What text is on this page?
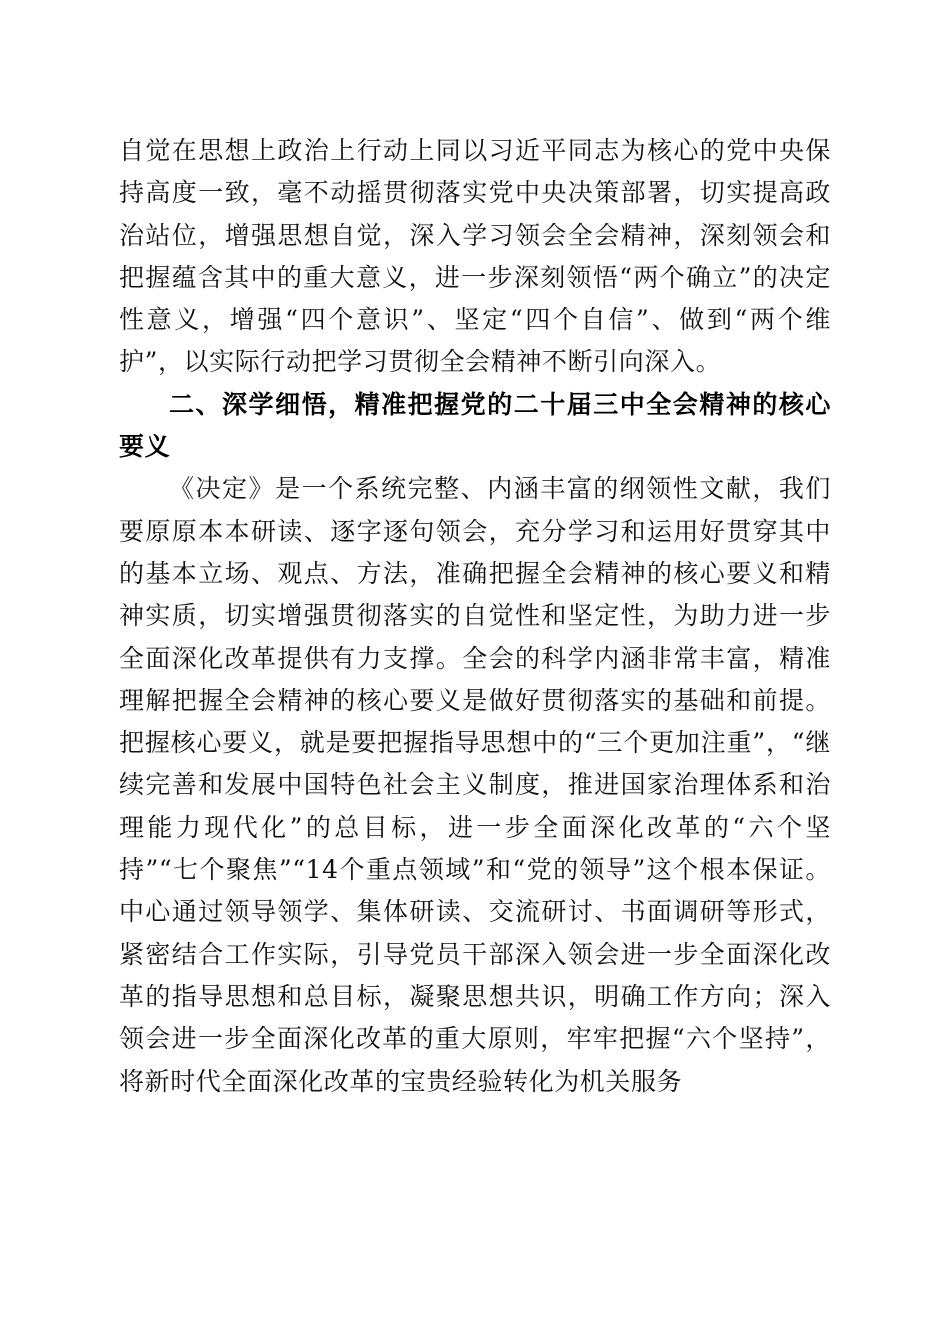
自觉在思想上政治上行动上同以习近平同志为核心的党中央保持高度一致，毫不动摇贯彻落实党中央决策部署，切实提高政治站位，增强思想自觉，深入学习领会全会精神，深刻领会和把握蕴含其中的重大意义，进一步深刻领悟“两个确立”的决定性意义，增强“四个意识”、坚定“四个自信”、做到“两个维护”，以实际行动把学习贯彻全会精神不断引向深入。

二、深学细悟，精准把握党的二十届三中全会精神的核心要义

《决定》是一个系统完整、内涵丰富的纲领性文献，我们要原原本本研读、逐字逐句领会，充分学习和运用好贯穿其中的基本立场、观点、方法，准确把握全会精神的核心要义和精神实质，切实增强贯彻落实的自觉性和坚定性，为助力进一步全面深化改革提供有力支撑。全会的科学内涵非常丰富，精准理解把握全会精神的核心要义是做好贯彻落实的基础和前提。把握核心要义，就是要把握指导思想中的“三个更加注重”，“继续完善和发展中国特色社会主义制度，推进国家治理体系和治理能力现代化”的总目标，进一步全面深化改革的“六个坚持”“七个聚焦”“14个重点领域”和“党的领导”这个根本保证。中心通过领导领学、集体研读、交流研讨、书面调研等形式，紧密结合工作实际，引导党员干部深入领会进一步全面深化改革的指导思想和总目标，凝聚思想共识，明确工作方向；深入领会进一步全面深化改革的重大原则，牢牢把握“六个坚持”，将新时代全面深化改革的宝贵经验转化为机关服务
